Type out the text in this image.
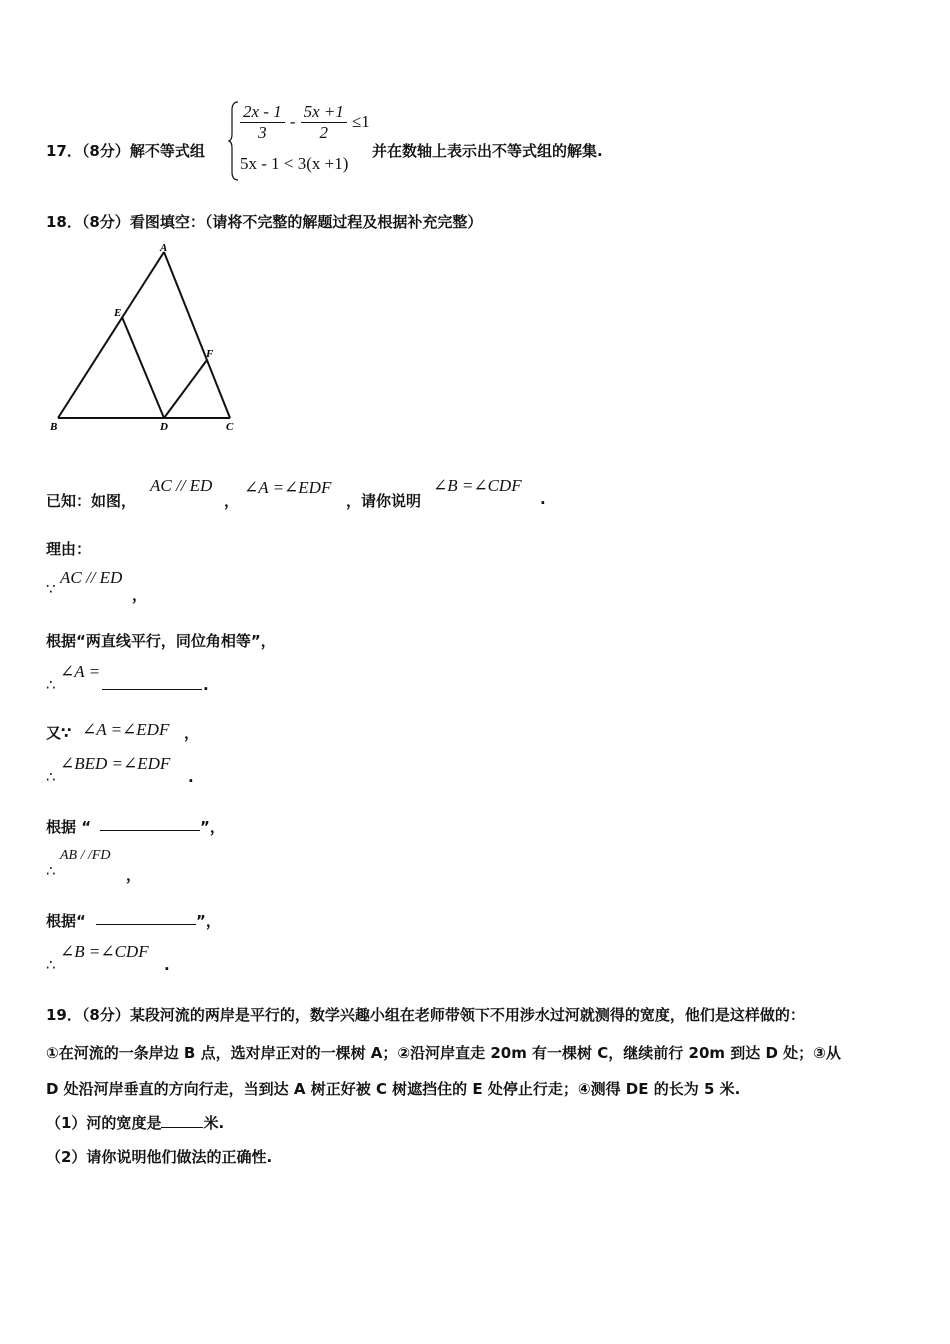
17．（8分）解不等式组
$\frac{2x - 1}{3} - \frac{5x +1}{2} \le 1$
5x - 1 < 3(x +1)
并在数轴上表示出不等式组的解集.
18．（8分）看图填空：（请将不完整的解题过程及根据补充完整）
A
E
F
B	D	C
已知：如图，
AC // ED
，
∠A =∠EDF
，请你说明
∠B =∠CDF
.
理由：
∵
AC // ED
，
根据“两直线平行，同位角相等”，
∴
∠A =
.
又∵ ∠A =∠EDF ，
∴
∠BED =∠EDF
.
根据 “	”，
∴
AB / /FD
，
根据“	”，
∴
∠B =∠CDF
.
19．（8分）某段河流的两岸是平行的，数学兴趣小组在老师带领下不用涉水过河就测得的宽度，他们是这样做的：
①在河流的一条岸边 B 点，选对岸正对的一棵树 A；②沿河岸直走 20m 有一棵树 C，继续前行 20m 到达 D 处；③从
D 处沿河岸垂直的方向行走，当到达 A 树正好被 C 树遮挡住的 E 处停止行走；④测得 DE 的长为 5 米.
（1）河的宽度是	米.
（2）请你说明他们做法的正确性.
